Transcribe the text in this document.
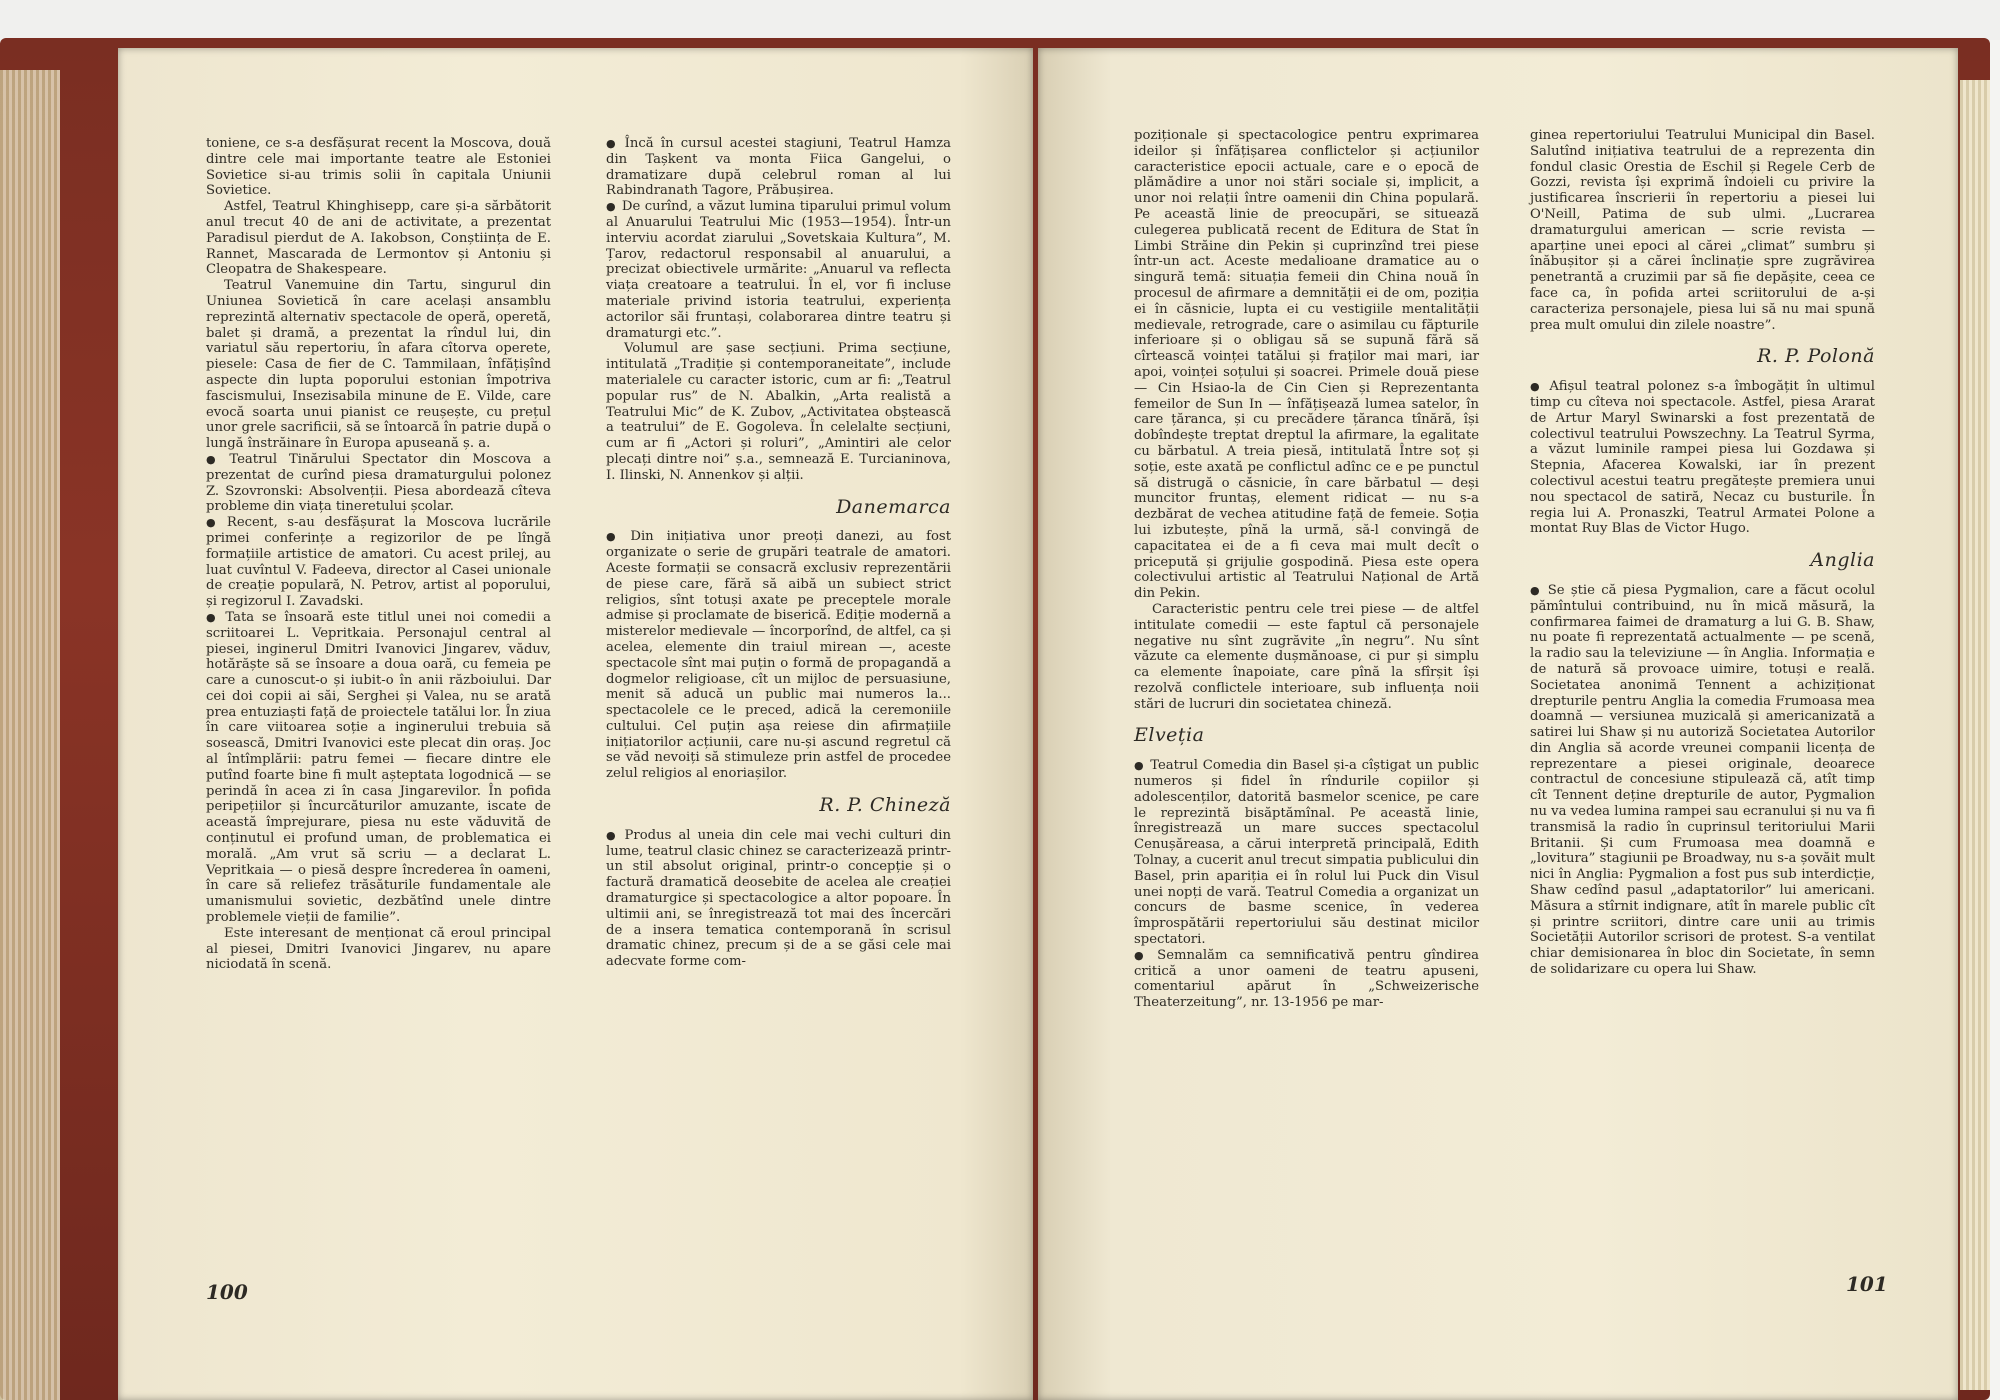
toniene, ce s-a desfășurat recent la Moscova, două dintre cele mai importante teatre ale Estoniei Sovietice si-au trimis solii în capitala Uniunii Sovietice.

Astfel, Teatrul Khinghisepp, care și-a sărbătorit anul trecut 40 de ani de activitate, a prezentat Paradisul pierdut de A. Iakobson, Conștiința de E. Rannet, Mascarada de Lermontov și Antoniu și Cleopatra de Shakespeare.

Teatrul Vanemuine din Tartu, singurul din Uniunea Sovietică în care același ansamblu reprezintă alternativ spectacole de operă, operetă, balet și dramă, a prezentat la rîndul lui, din variatul său repertoriu, în afara cîtorva operete, piesele: Casa de fier de C. Tammilaan, înfățișînd aspecte din lupta poporului estonian împotriva fascismului, Insezisabila minune de E. Vilde, care evocă soarta unui pianist ce reușește, cu prețul unor grele sacrificii, să se întoarcă în patrie după o lungă înstrăinare în Europa apuseană ș. a.

● Teatrul Tinărului Spectator din Moscova a prezentat de curînd piesa dramaturgului polonez Z. Szovronski: Absolvenții. Piesa abordează cîteva probleme din viața tineretului școlar.

● Recent, s-au desfășurat la Moscova lucrările primei conferințe a regizorilor de pe lîngă formațiile artistice de amatori. Cu acest prilej, au luat cuvîntul V. Fadeeva, director al Casei unionale de creație populară, N. Petrov, artist al poporului, și regizorul I. Zavadski.

● Tata se însoară este titlul unei noi comedii a scriitoarei L. Vepritkaia. Personajul central al piesei, inginerul Dmitri Ivanovici Jingarev, văduv, hotărăște să se însoare a doua oară, cu femeia pe care a cunoscut-o și iubit-o în anii războiului. Dar cei doi copii ai săi, Serghei și Valea, nu se arată prea entuziaști față de proiectele tatălui lor. În ziua în care viitoarea soție a inginerului trebuia să sosească, Dmitri Ivanovici este plecat din oraș. Joc al întîmplării: patru femei — fiecare dintre ele putînd foarte bine fi mult așteptata logodnică — se perindă în acea zi în casa Jingarevilor. În pofida peripețiilor și încurcăturilor amuzante, iscate de această împrejurare, piesa nu este văduvită de conținutul ei profund uman, de problematica ei morală. „Am vrut să scriu — a declarat L. Vepritkaia — o piesă despre încrederea în oameni, în care să reliefez trăsăturile fundamentale ale umanismului sovietic, dezbătînd unele dintre problemele vieții de familie”.

Este interesant de menționat că eroul principal al piesei, Dmitri Ivanovici Jingarev, nu apare niciodată în scenă.

● Încă în cursul acestei stagiuni, Teatrul Hamza din Tașkent va monta Fiica Gangelui, o dramatizare după celebrul roman al lui Rabindranath Tagore, Prăbușirea.

● De curînd, a văzut lumina tiparului primul volum al Anuarului Teatrului Mic (1953—1954). Într-un interviu acordat ziarului „Sovetskaia Kultura”, M. Țarov, redactorul responsabil al anuarului, a precizat obiectivele urmărite: „Anuarul va reflecta viața creatoare a teatrului. În el, vor fi incluse materiale privind istoria teatrului, experiența actorilor săi fruntași, colaborarea dintre teatru și dramaturgi etc.”.

Volumul are șase secțiuni. Prima secțiune, intitulată „Tradiție și contemporaneitate”, include materialele cu caracter istoric, cum ar fi: „Teatrul popular rus” de N. Abalkin, „Arta realistă a Teatrului Mic” de K. Zubov, „Activitatea obștească a teatrului” de E. Gogoleva. În celelalte secțiuni, cum ar fi „Actori și roluri”, „Amintiri ale celor plecați dintre noi” ș.a., semnează E. Turcianinova, I. Ilinski, N. Annenkov și alții.

Danemarca

● Din inițiativa unor preoți danezi, au fost organizate o serie de grupări teatrale de amatori. Aceste formații se consacră exclusiv reprezentării de piese care, fără să aibă un subiect strict religios, sînt totuși axate pe preceptele morale admise și proclamate de biserică. Ediție modernă a misterelor medievale — încorporînd, de altfel, ca și acelea, elemente din traiul mirean —, aceste spectacole sînt mai puțin o formă de propagandă a dogmelor religioase, cît un mijloc de persuasiune, menit să aducă un public mai numeros la... spectacolele ce le preced, adică la ceremoniile cultului. Cel puțin așa reiese din afirmațiile inițiatorilor acțiunii, care nu-și ascund regretul că se văd nevoiți să stimuleze prin astfel de procedee zelul religios al enoriașilor.

R. P. Chineză

● Produs al uneia din cele mai vechi culturi din lume, teatrul clasic chinez se caracterizează printr-un stil absolut original, printr-o concepție și o factură dramatică deosebite de acelea ale creației dramaturgice și spectacologice a altor popoare. În ultimii ani, se înregistrează tot mai des încercări de a insera tematica contemporană în scrisul dramatic chinez, precum și de a se găsi cele mai adecvate forme com-

100

poziționale și spectacologice pentru exprimarea ideilor și înfățișarea conflictelor și acțiunilor caracteristice epocii actuale, care e o epocă de plămădire a unor noi stări sociale și, implicit, a unor noi relații între oamenii din China populară. Pe această linie de preocupări, se situează culegerea publicată recent de Editura de Stat în Limbi Străine din Pekin și cuprinzînd trei piese într-un act. Aceste medalioane dramatice au o singură temă: situația femeii din China nouă în procesul de afirmare a demnității ei de om, poziția ei în căsnicie, lupta ei cu vestigiile mentalității medievale, retrograde, care o asimilau cu făpturile inferioare și o obligau să se supună fără să cîrtească voinței tatălui și fraților mai mari, iar apoi, voinței soțului și soacrei. Primele două piese — Cin Hsiao-la de Cin Cien și Reprezentanta femeilor de Sun In — înfățișează lumea satelor, în care țăranca, și cu precădere țăranca tînără, își dobîndește treptat dreptul la afirmare, la egalitate cu bărbatul. A treia piesă, intitulată Între soț și soție, este axată pe conflictul adînc ce e pe punctul să distrugă o căsnicie, în care bărbatul — deși muncitor fruntaș, element ridicat — nu s-a dezbărat de vechea atitudine față de femeie. Soția lui izbutește, pînă la urmă, să-l convingă de capacitatea ei de a fi ceva mai mult decît o pricepută și grijulie gospodină. Piesa este opera colectivului artistic al Teatrului Național de Artă din Pekin.

Caracteristic pentru cele trei piese — de altfel intitulate comedii — este faptul că personajele negative nu sînt zugrăvite „în negru”. Nu sînt văzute ca elemente dușmănoase, ci pur și simplu ca elemente înapoiate, care pînă la sfîrșit își rezolvă conflictele interioare, sub influența noii stări de lucruri din societatea chineză.

Elveția

● Teatrul Comedia din Basel și-a cîștigat un public numeros și fidel în rîndurile copiilor și adolescenților, datorită basmelor scenice, pe care le reprezintă bisăptămînal. Pe această linie, înregistrează un mare succes spectacolul Cenușăreasa, a cărui interpretă principală, Edith Tolnay, a cucerit anul trecut simpatia publicului din Basel, prin apariția ei în rolul lui Puck din Visul unei nopți de vară. Teatrul Comedia a organizat un concurs de basme scenice, în vederea împrospătării repertoriului său destinat micilor spectatori.

● Semnalăm ca semnificativă pentru gîndirea critică a unor oameni de teatru apuseni, comentariul apărut în „Schweizerische Theaterzeitung”, nr. 13-1956 pe mar-

ginea repertoriului Teatrului Municipal din Basel. Salutînd inițiativa teatrului de a reprezenta din fondul clasic Orestia de Eschil și Regele Cerb de Gozzi, revista își exprimă îndoieli cu privire la justificarea înscrierii în repertoriu a piesei lui O'Neill, Patima de sub ulmi. „Lucrarea dramaturgului american — scrie revista — aparține unei epoci al cărei „climat” sumbru și înăbușitor și a cărei înclinație spre zugrăvirea penetrantă a cruzimii par să fie depășite, ceea ce face ca, în pofida artei scriitorului de a-și caracteriza personajele, piesa lui să nu mai spună prea mult omului din zilele noastre”.

R. P. Polonă

● Afișul teatral polonez s-a îmbogățit în ultimul timp cu cîteva noi spectacole. Astfel, piesa Ararat de Artur Maryl Swinarski a fost prezentată de colectivul teatrului Powszechny. La Teatrul Syrma, a văzut luminile rampei piesa lui Gozdawa și Stepnia, Afacerea Kowalski, iar în prezent colectivul acestui teatru pregătește premiera unui nou spectacol de satiră, Necaz cu busturile. În regia lui A. Pronaszki, Teatrul Armatei Polone a montat Ruy Blas de Victor Hugo.

Anglia

● Se știe că piesa Pygmalion, care a făcut ocolul pămîntului contribuind, nu în mică măsură, la confirmarea faimei de dramaturg a lui G. B. Shaw, nu poate fi reprezentată actualmente — pe scenă, la radio sau la televiziune — în Anglia. Informația e de natură să provoace uimire, totuși e reală. Societatea anonimă Tennent a achiziționat drepturile pentru Anglia la comedia Frumoasa mea doamnă — versiunea muzicală și americanizată a satirei lui Shaw și nu autoriză Societatea Autorilor din Anglia să acorde vreunei companii licența de reprezentare a piesei originale, deoarece contractul de concesiune stipulează că, atît timp cît Tennent deține drepturile de autor, Pygmalion nu va vedea lumina rampei sau ecranului și nu va fi transmisă la radio în cuprinsul teritoriului Marii Britanii. Și cum Frumoasa mea doamnă e „lovitura” stagiunii pe Broadway, nu s-a șovăit mult nici în Anglia: Pygmalion a fost pus sub interdicție, Shaw cedînd pasul „adaptatorilor” lui americani. Măsura a stîrnit indignare, atît în marele public cît și printre scriitori, dintre care unii au trimis Societății Autorilor scrisori de protest. S-a ventilat chiar demisionarea în bloc din Societate, în semn de solidarizare cu opera lui Shaw.

101
